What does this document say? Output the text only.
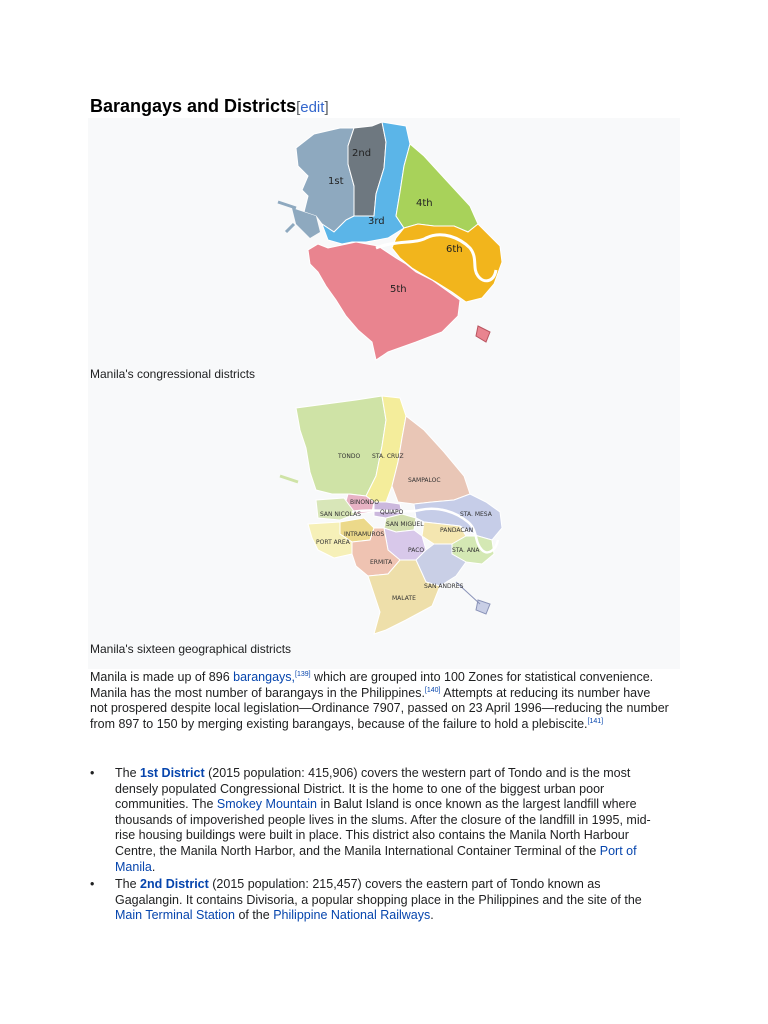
Barangays and Districts[edit]
1st
2nd
3rd
4th
5th
6th

Manila's congressional districts

TONDO STA. CRUZ
SAMPALOC
BINONDO
SAN NICOLAS	QUIAPO
SAN MIGUEL
STA. MESA
INTRAMUROS
PORT AREA
PANDACAN
PACO	STA. ANA
ERMITA
SAN ANDRES
MALATE

Manila's sixteen geographical districts

Manila is made up of 896 barangays,[139] which are grouped into 100 Zones for statistical convenience. Manila has the most number of barangays in the Philippines.[140] Attempts at reducing its number have not prospered despite local legislation—Ordinance 7907, passed on 23 April 1996—reducing the number from 897 to 150 by merging existing barangays, because of the failure to hold a plebiscite.[141]

• The 1st District (2015 population: 415,906) covers the western part of Tondo and is the most densely populated Congressional District. It is the home to one of the biggest urban poor communities. The Smokey Mountain in Balut Island is once known as the largest landfill where thousands of impoverished people lives in the slums. After the closure of the landfill in 1995, mid-rise housing buildings were built in place. This district also contains the Manila North Harbour Centre, the Manila North Harbor, and the Manila International Container Terminal of the Port of Manila.
• The 2nd District (2015 population: 215,457) covers the eastern part of Tondo known as Gagalangin. It contains Divisoria, a popular shopping place in the Philippines and the site of the Main Terminal Station of the Philippine National Railways.
